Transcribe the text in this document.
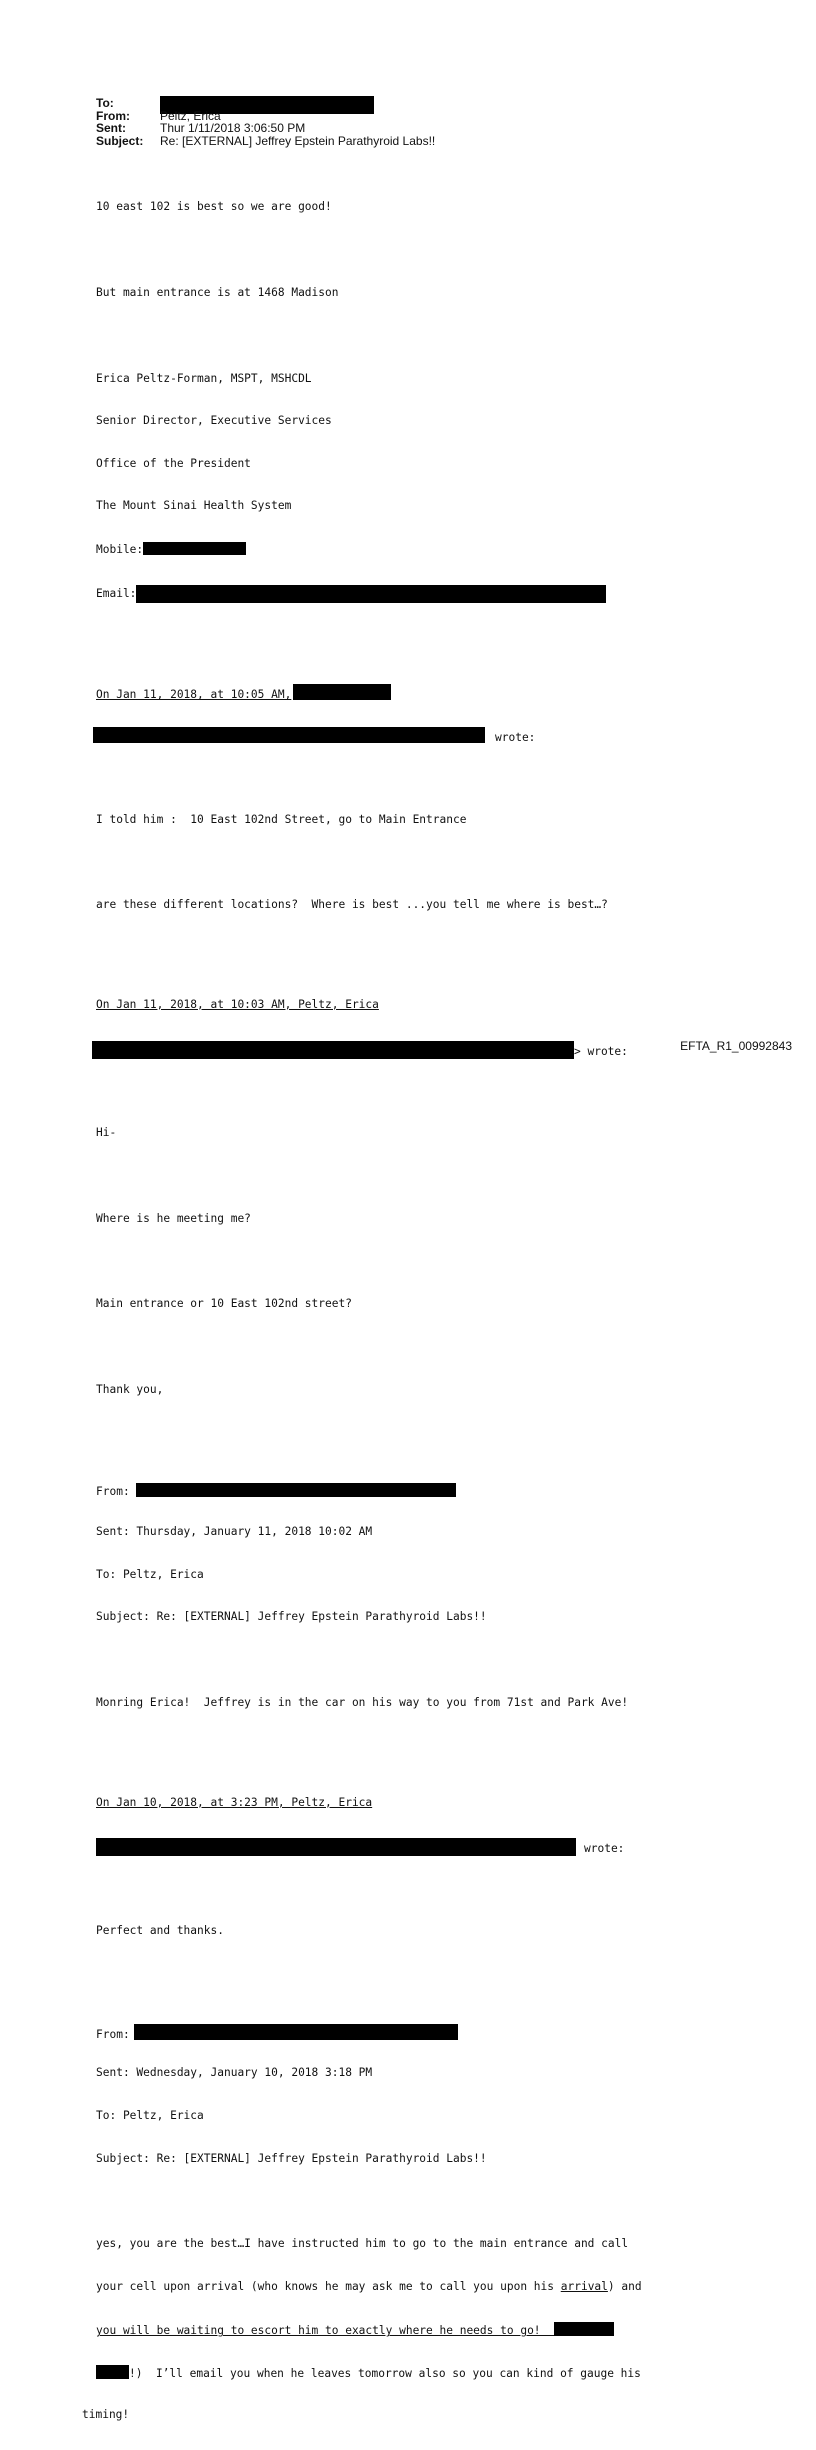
To:
From:	Peltz, Erica
Sent:	Thur 1/11/2018 3:06:50 PM
Subject: Re: [EXTERNAL] Jeffrey Epstein Parathyroid Labs!!

10 east 102 is best so we are good!

But main entrance is at 1468 Madison

Erica Peltz-Forman, MSPT, MSHCDL

Senior Director, Executive Services

Office of the President

The Mount Sinai Health System

Mobile:

Email:

On Jan 11, 2018, at 10:05 AM,

wrote:

I told him :  10 East 102nd Street, go to Main Entrance

are these different locations?  Where is best ...you tell me where is best…?

On Jan 11, 2018, at 10:03 AM, Peltz, Erica

> wrote:

Hi-

Where is he meeting me?

Main entrance or 10 East 102nd street?

Thank you,

From:

Sent: Thursday, January 11, 2018 10:02 AM

To: Peltz, Erica

Subject: Re: [EXTERNAL] Jeffrey Epstein Parathyroid Labs!!

Monring Erica!  Jeffrey is in the car on his way to you from 71st and Park Ave!

On Jan 10, 2018, at 3:23 PM, Peltz, Erica

wrote:

Perfect and thanks.

From:

Sent: Wednesday, January 10, 2018 3:18 PM

To: Peltz, Erica

Subject: Re: [EXTERNAL] Jeffrey Epstein Parathyroid Labs!!

yes, you are the best…I have instructed him to go to the main entrance and call

your cell upon arrival (who knows he may ask me to call you upon his arrival) and

you will be waiting to escort him to exactly where he needs to go!

!)  I’ll email you when he leaves tomorrow also so you can kind of gauge his

timing!

EFTA_R1_00992843
